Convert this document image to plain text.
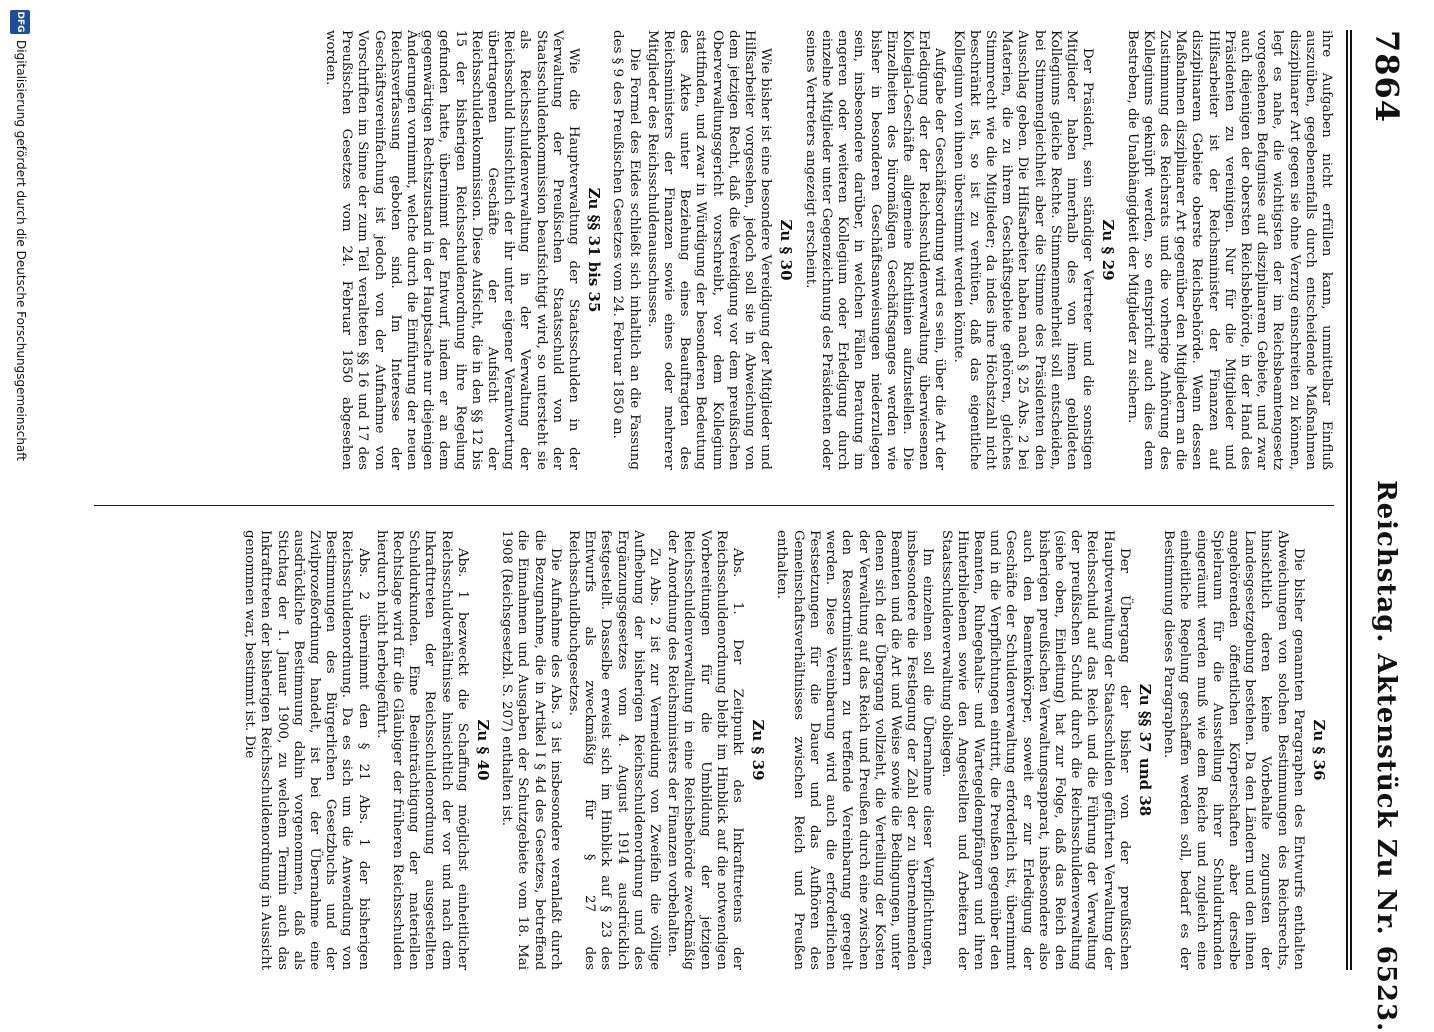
7864
Reichstag. Aktenstück Zu Nr. 6523.

ihre Aufgaben nicht erfüllen kann, unmittelbar Einfluß auszuüben, gegebenenfalls durch entscheidende Maßnahmen disziplinarer Art gegen sie ohne Verzug einschreiten zu können, legt es nahe, die wichtigsten der im Reichsbeamtengesetz vorgesehenen Befugnisse auf disziplinarem Gebiete, und zwar auch diejenigen der obersten Reichsbehörde, in der Hand des Präsidenten zu vereinigen. Nur für die Mitglieder und Hilfsarbeiter ist der Reichsminister der Finanzen auf disziplinarem Gebiete oberste Reichsbehörde. Wenn dessen Maßnahmen disziplinarer Art gegenüber den Mitgliedern an die Zustimmung des Reichsrats und die vorherige Anhörung des Kollegiums geknüpft werden, so entspricht auch dies dem Bestreben, die Unabhängigkeit der Mitglieder zu sichern.

Zu § 29

Der Präsident, sein ständiger Vertreter und die sonstigen Mitglieder haben innerhalb des von ihnen gebildeten Kollegiums gleiche Rechte. Stimmenmehrheit soll entscheiden, bei Stimmengleichheit aber die Stimme des Präsidenten den Ausschlag geben. Die Hilfsarbeiter haben nach § 25 Abs. 2 bei Materien, die zu ihrem Geschäftsgebiete gehören, gleiches Stimmrecht wie die Mitglieder; da indes ihre Höchstzahl nicht beschränkt ist, so ist zu verhüten, daß das eigentliche Kollegium von ihnen überstimmt werden könnte.

Aufgabe der Geschäftsordnung wird es sein, über die Art der Erledigung der der Reichsschuldenverwaltung überwiesenen Kollegial-Geschäfte allgemeine Richtlinien aufzustellen. Die Einzelheiten des büromäßigen Geschäftsganges werden wie bisher in besonderen Geschäftsanweisungen niederzulegen sein, insbesondere darüber, in welchen Fällen Beratung im engeren oder weiteren Kollegium oder Erledigung durch einzelne Mitglieder unter Gegenzeichnung des Präsidenten oder seines Vertreters angezeigt erscheint.

Zu § 30

Wie bisher ist eine besondere Vereidigung der Mitglieder und Hilfsarbeiter vorgesehen, jedoch soll sie in Abweichung von dem jetzigen Recht, daß die Vereidigung vor dem preußischen Oberverwaltungsgericht vorschreibt, vor dem Kollegium stattfinden, und zwar in Würdigung der besonderen Bedeutung des Aktes unter Beziehung eines Beauftragten des Reichsministers der Finanzen sowie eines oder mehrerer Mitglieder des Reichsschuldenausschusses.

Die Formel des Eides schließt sich inhaltlich an die Fassung des § 9 des Preußischen Gesetzes vom 24. Februar 1850 an.

Zu §§ 31 bis 35

Wie die Hauptverwaltung der Staatsschulden in der Verwaltung der Preußischen Staatsschuld von der Staatsschuldenkommission beaufsichtigt wird, so untersteht sie als Reichsschuldenverwaltung in der Verwaltung der Reichsschuld hinsichtlich der ihr unter eigener Verantwortung übertragenen Geschäfte der Aufsicht der Reichsschuldenkommission. Diese Aufsicht, die in den §§ 12 bis 15 der bisherigen Reichsschuldenordnung ihre Regelung gefunden hatte, übernimmt der Entwurf, indem er an dem gegenwärtigen Rechtszustand in der Hauptsache nur diejenigen Änderungen vornimmt, welche durch die Einführung der neuen Reichsverfassung geboten sind. Im Interesse der Geschäftsvereinfachung ist jedoch von der Aufnahme von Vorschriften im Sinne der zum Teil veralteten §§ 16 und 17 des Preußischen Gesetzes vom 24. Februar 1850 abgesehen worden.

Zu § 36

Die bisher genannten Paragraphen des Entwurfs enthalten Abweichungen von solchen Bestimmungen des Reichsrechts, hinsichtlich deren keine Vorbehalte zugunsten der Landesgesetzgebung bestehen. Da den Ländern und den ihnen angehörenden öffentlichen Körperschaften aber derselbe Spielraum für die Ausstellung ihrer Schuldurkunden eingeräumt werden muß wie dem Reiche und zugleich eine einheitliche Regelung geschaffen werden soll, bedarf es der Bestimmung dieses Paragraphen.

Zu §§ 37 und 38

Der Übergang der bisher von der preußischen Hauptverwaltung der Staatsschulden geführten Verwaltung der Reichsschuld auf das Reich und die Führung der Verwaltung der preußischen Schuld durch die Reichsschuldenverwaltung (siehe oben, Einleitung) hat zur Folge, daß das Reich den bisherigen preußischen Verwaltungsapparat, insbesondere also auch den Beamtenkörper, soweit er zur Erledigung der Geschäfte der Schuldenverwaltung erforderlich ist, übernimmt und in die Verpflichtungen eintritt, die Preußen gegenüber den Beamten, Ruhegehalts- und Wartegeldempfängern und ihren Hinterbliebenen sowie den Angestellten und Arbeitern der Staatsschuldenverwaltung obliegen.

Im einzelnen soll die Übernahme dieser Verpflichtungen, insbesondere die Festlegung der Zahl der zu übernehmenden Beamten und die Art und Weise sowie die Bedingungen, unter denen sich der Übergang vollzieht, die Verteilung der Kosten der Verwaltung auf das Reich und Preußen durch eine zwischen den Ressortministern zu treffende Vereinbarung geregelt werden. Diese Vereinbarung wird auch die erforderlichen Festsetzungen für die Dauer und das Aufhören des Gemeinschaftsverhältnisses zwischen Reich und Preußen enthalten.

Zu § 39

Abs. 1. Der Zeitpunkt des Inkrafttretens der Reichsschuldenordnung bleibt im Hinblick auf die notwendigen Vorbereitungen für die Umbildung der jetzigen Reichsschuldenverwaltung in eine Reichsbehörde zweckmäßig der Anordnung des Reichsministers der Finanzen vorbehalten.

Zu Abs. 2 ist zur Vermeidung von Zweifeln die völlige Aufhebung der bisherigen Reichsschuldenordnung und des Ergänzungsgesetzes vom 4. August 1914 ausdrücklich festgestellt. Dasselbe erweist sich im Hinblick auf § 23 des Entwurfs als zweckmäßig für § 27 des Reichsschuldbuchgesetzes.

Die Aufnahme des Abs. 3 ist insbesondere veranlaßt durch die Bezugnahme, die in Artikel I § 4d des Gesetzes, betreffend die Einnahmen und Ausgaben der Schutzgebiete vom 18. Mai 1908 (Reichsgesetzbl. S. 207) enthalten ist.

Zu § 40

Abs. 1 bezweckt die Schaffung möglichst einheitlicher Reichsschuldverhältnisse hinsichtlich der vor und nach dem Inkrafttreten der Reichsschuldenordnung ausgestellten Schuldurkunden. Eine Beeinträchtigung der materiellen Rechtslage wird für die Gläubiger der früheren Reichsschulden hierdurch nicht herbeigeführt.

Abs. 2 übernimmt den § 21 Abs. 1 der bisherigen Reichsschuldenordnung. Da es sich um die Anwendung von Bestimmungen des Bürgerlichen Gesetzbuchs und der Zivilprozeßordnung handelt, ist bei der Übernahme eine ausdrückliche Bestimmung dahin vorgenommen, daß als Stichtag der 1. Januar 1900, zu welchem Termin auch das Inkrafttreten der bisherigen Reichsschuldenordnung in Aussicht genommen war, bestimmt ist. Die

DFG
Digitalisierung gefördert durch die Deutsche Forschungsgemeinschaft
